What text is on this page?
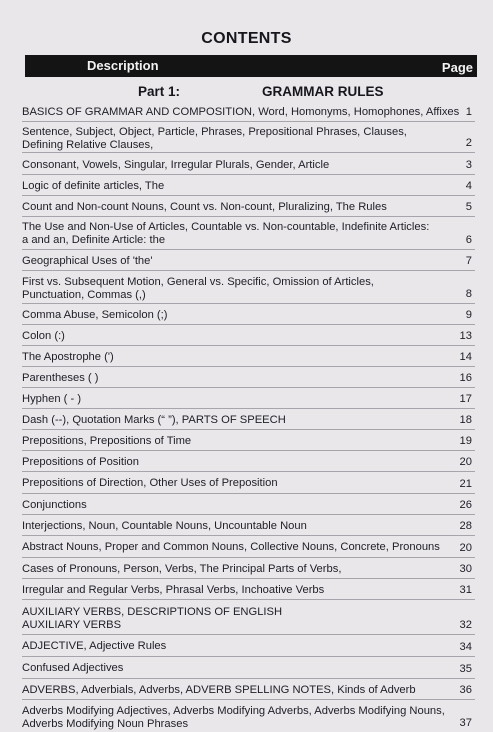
CONTENTS
Description	Page
Part 1:	GRAMMAR RULES
BASICS OF GRAMMAR AND COMPOSITION, Word, Homonyms, Homophones, Affixes 1
Sentence, Subject, Object, Particle, Phrases, Prepositional Phrases, Clauses,
Defining Relative Clauses,	2
Consonant, Vowels, Singular, Irregular Plurals, Gender, Article	3
Logic of definite articles, The	4
Count and Non-count Nouns, Count vs. Non-count, Pluralizing, The Rules	5
The Use and Non-Use of Articles, Countable vs. Non-countable, Indefinite Articles:
a and an, Definite Article: the	6
Geographical Uses of 'the'	7
First vs. Subsequent Motion, General vs. Specific, Omission of Articles,
Punctuation, Commas (,)	8
Comma Abuse, Semicolon (;)	9
Colon (:)	13
The Apostrophe (')	14
Parentheses ( )	16
Hyphen ( - )	17
Dash (--), Quotation Marks (“ ”), PARTS OF SPEECH	18
Prepositions, Prepositions of Time	19
Prepositions of Position	20
Prepositions of Direction, Other Uses of Preposition	21
Conjunctions	26
Interjections, Noun, Countable Nouns, Uncountable Noun	28
Abstract Nouns, Proper and Common Nouns, Collective Nouns, Concrete, Pronouns	20
Cases of Pronouns, Person, Verbs, The Principal Parts of Verbs,	30
Irregular and Regular Verbs, Phrasal Verbs, Inchoative Verbs	31
AUXILIARY VERBS, DESCRIPTIONS OF ENGLISH
AUXILIARY VERBS	32
ADJECTIVE, Adjective Rules	34
Confused Adjectives	35
ADVERBS, Adverbials, Adverbs, ADVERB SPELLING NOTES, Kinds of Adverb	36
Adverbs Modifying Adjectives, Adverbs Modifying Adverbs, Adverbs Modifying Nouns,
Adverbs Modifying Noun Phrases	37
